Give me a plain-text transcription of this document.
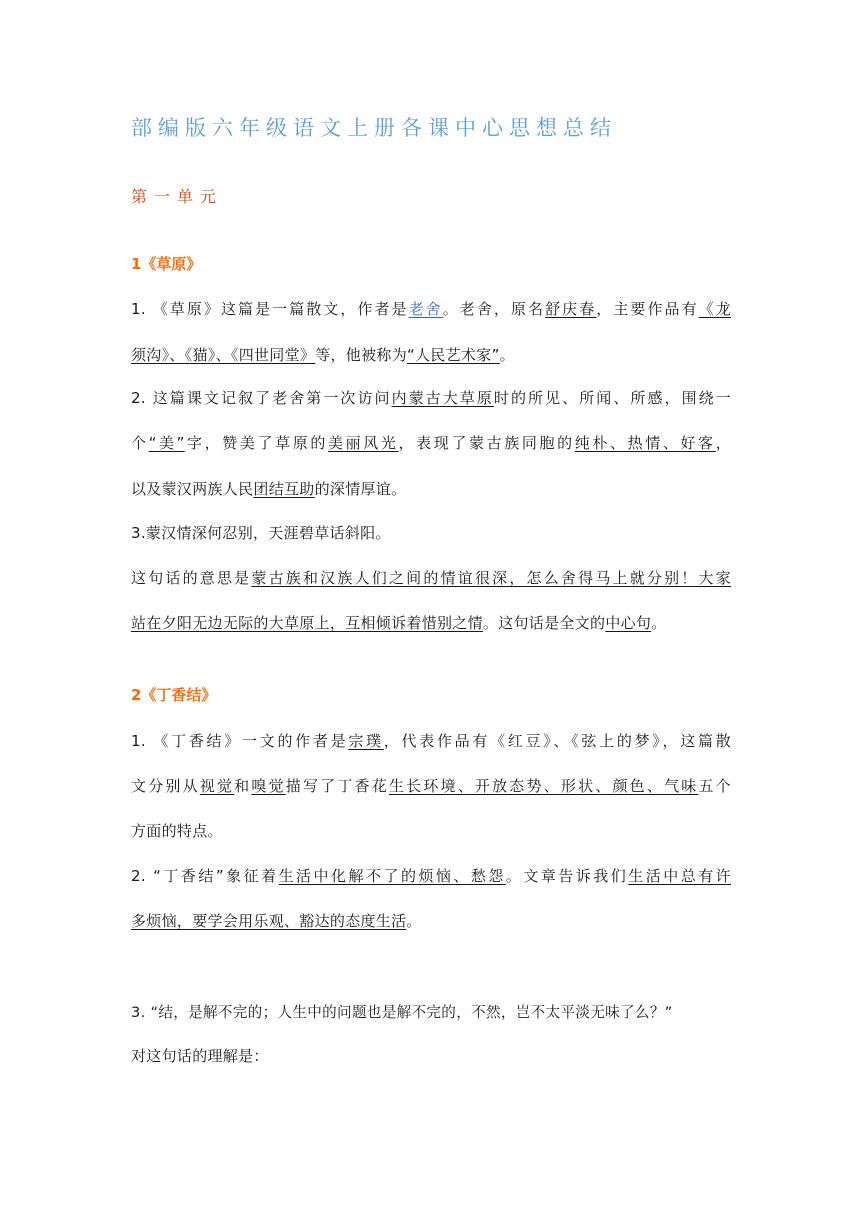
部编版六年级语文上册各课中心思想总结
第一单元
1《草原》
1. 《草原》这篇是一篇散文，作者是老舍。老舍，原名舒庆春，主要作品有《龙
须沟》、《猫》、《四世同堂》等，他被称为“人民艺术家”。
2. 这篇课文记叙了老舍第一次访问内蒙古大草原时的所见、所闻、所感，围绕一
个“美”字，赞美了草原的美丽风光，表现了蒙古族同胞的纯朴、热情、好客，
以及蒙汉两族人民团结互助的深情厚谊。
3.蒙汉情深何忍别，天涯碧草话斜阳。
这句话的意思是蒙古族和汉族人们之间的情谊很深，怎么舍得马上就分别！大家
站在夕阳无边无际的大草原上，互相倾诉着惜别之情。这句话是全文的中心句。
2《丁香结》
1. 《丁香结》一文的作者是宗璞，代表作品有《红豆》、《弦上的梦》，这篇散
文分别从视觉和嗅觉描写了丁香花生长环境、开放态势、形状、颜色、气味五个
方面的特点。
2. “丁香结”象征着生活中化解不了的烦恼、愁怨。文章告诉我们生活中总有许
多烦恼，要学会用乐观、豁达的态度生活。
3. “结，是解不完的；人生中的问题也是解不完的，不然，岂不太平淡无味了么？”
对这句话的理解是：
